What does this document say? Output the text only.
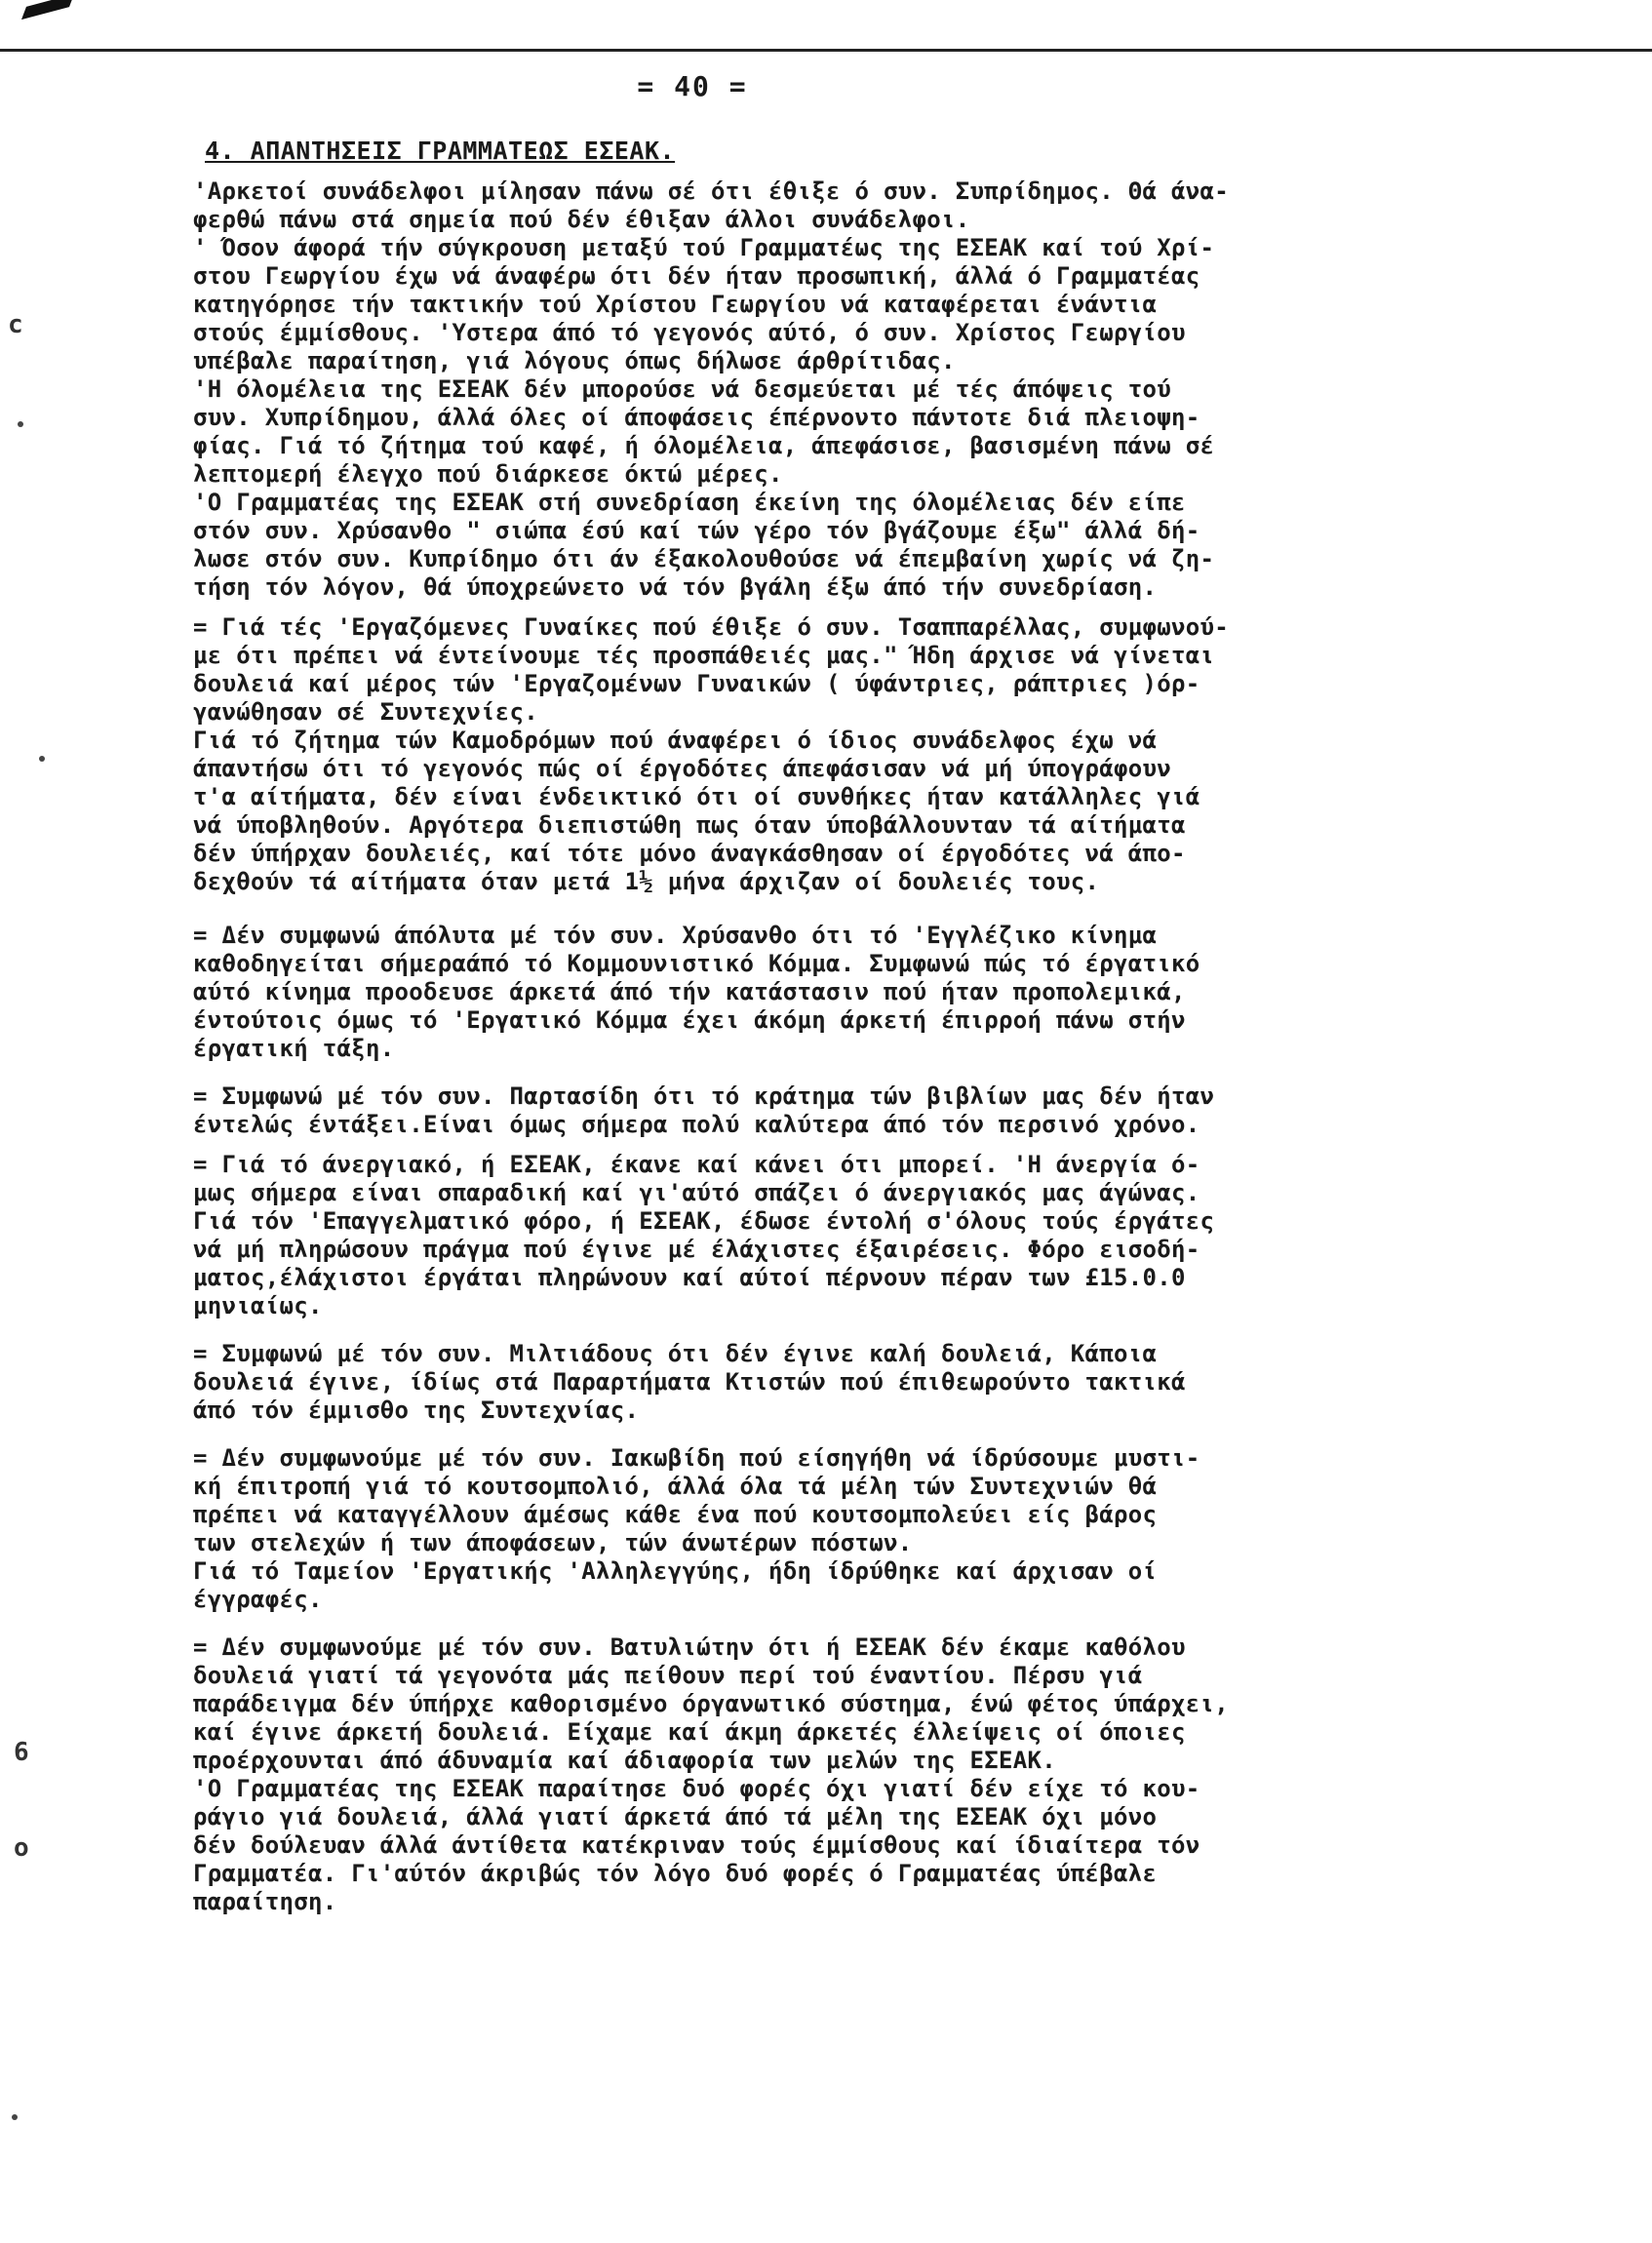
= 40 =
4. ΑΠΑΝΤΗΣΕΙΣ ΓΡΑΜΜΑΤΕΩΣ ΕΣΕΑΚ.
c
6
o
'Αρκετοί συνάδελφοι μίλησαν πάνω σέ ότι έθιξε ό συν. Συπρίδημος. Θά άνα-
φερθώ πάνω στά σημεία πού δέν έθιξαν άλλοι συνάδελφοι.
' Όσον άφορά τήν σύγκρουση μεταξύ τού Γραμματέως της ΕΣΕΑΚ καί τού Χρί-
στου Γεωργίου έχω νά άναφέρω ότι δέν ήταν προσωπική, άλλά ό Γραμματέας
κατηγόρησε τήν τακτικήν τού Χρίστου Γεωργίου νά καταφέρεται ένάντια
στούς έμμίσθους. 'Υστερα άπό τό γεγονός αύτό, ό συν. Χρίστος Γεωργίου
υπέβαλε παραίτηση, γιά λόγους όπως δήλωσε άρθρίτιδας.
'Η όλομέλεια της ΕΣΕΑΚ δέν μπορούσε νά δεσμεύεται μέ τές άπόψεις τού
συν. Χυπρίδημου, άλλά όλες οί άποφάσεις έπέρνοντο πάντοτε διά πλειοψη-
φίας. Γιά τό ζήτημα τού καφέ, ή όλομέλεια, άπεφάσισε, βασισμένη πάνω σέ
λεπτομερή έλεγχο πού διάρκεσε όκτώ μέρες.
'Ο Γραμματέας της ΕΣΕΑΚ στή συνεδρίαση έκείνη της όλομέλειας δέν είπε
στόν συν. Χρύσανθο " σιώπα έσύ καί τών γέρο τόν βγάζουμε έξω" άλλά δή-
λωσε στόν συν. Κυπρίδημο ότι άν έξακολουθούσε νά έπεμβαίνη χωρίς νά ζη-
τήση τόν λόγον, θά ύποχρεώνετο νά τόν βγάλη έξω άπό τήν συνεδρίαση.
= Γιά τές 'Εργαζόμενες Γυναίκες πού έθιξε ό συν. Τσαππαρέλλας, συμφωνού-
με ότι πρέπει νά έντείνουμε τές προσπάθειές μας." Ήδη άρχισε νά γίνεται
δουλειά καί μέρος τών 'Εργαζομένων Γυναικών ( ύφάντριες, ράπτριες )όρ-
γανώθησαν σέ Συντεχνίες.
Γιά τό ζήτημα τών Καμοδρόμων πού άναφέρει ό ίδιος συνάδελφος έχω νά
άπαντήσω ότι τό γεγονός πώς οί έργοδότες άπεφάσισαν νά μή ύπογράφουν
τ'α αίτήματα, δέν είναι ένδεικτικό ότι οί συνθήκες ήταν κατάλληλες γιά
νά ύποβληθούν. Αργότερα διεπιστώθη πως όταν ύποβάλλουνταν τά αίτήματα
δέν ύπήρχαν δουλειές, καί τότε μόνο άναγκάσθησαν οί έργοδότες νά άπο-
δεχθούν τά αίτήματα όταν μετά 1½ μήνα άρχιζαν οί δουλειές τους.
= Δέν συμφωνώ άπόλυτα μέ τόν συν. Χρύσανθο ότι τό 'Εγγλέζικο κίνημα
καθοδηγείται σήμεραάπό τό Κομμουνιστικό Κόμμα. Συμφωνώ πώς τό έργατικό
αύτό κίνημα προοδευσε άρκετά άπό τήν κατάστασιν πού ήταν προπολεμικά,
έντούτοις όμως τό 'Εργατικό Κόμμα έχει άκόμη άρκετή έπιρροή πάνω στήν
έργατική τάξη.
= Συμφωνώ μέ τόν συν. Παρτασίδη ότι τό κράτημα τών βιβλίων μας δέν ήταν
έντελώς έντάξει.Είναι όμως σήμερα πολύ καλύτερα άπό τόν περσινό χρόνο.
= Γιά τό άνεργιακό, ή ΕΣΕΑΚ, έκανε καί κάνει ότι μπορεί. 'Η άνεργία ό-
μως σήμερα είναι σπαραδική καί γι'αύτό σπάζει ό άνεργιακός μας άγώνας.
Γιά τόν 'Επαγγελματικό φόρο, ή ΕΣΕΑΚ, έδωσε έντολή σ'όλους τούς έργάτες
νά μή πληρώσουν πράγμα πού έγινε μέ έλάχιστες έξαιρέσεις. Φόρο εισοδή-
ματος,έλάχιστοι έργάται πληρώνουν καί αύτοί πέρνουν πέραν των £15.0.0
μηνιαίως.
= Συμφωνώ μέ τόν συν. Μιλτιάδους ότι δέν έγινε καλή δουλειά, Κάποια
δουλειά έγινε, ίδίως στά Παραρτήματα Κτιστών πού έπιθεωρούντο τακτικά
άπό τόν έμμισθο της Συντεχνίας.
= Δέν συμφωνούμε μέ τόν συν. Ιακωβίδη πού είσηγήθη νά ίδρύσουμε μυστι-
κή έπιτροπή γιά τό κουτσομπολιό, άλλά όλα τά μέλη τών Συντεχνιών θά
πρέπει νά καταγγέλλουν άμέσως κάθε ένα πού κουτσομπολεύει είς βάρος
των στελεχών ή των άποφάσεων, τών άνωτέρων πόστων.
Γιά τό Ταμείον 'Εργατικής 'Αλληλεγγύης, ήδη ίδρύθηκε καί άρχισαν οί
έγγραφές.
= Δέν συμφωνούμε μέ τόν συν. Βατυλιώτην ότι ή ΕΣΕΑΚ δέν έκαμε καθόλου
δουλειά γιατί τά γεγονότα μάς πείθουν περί τού έναντίου. Πέρσυ γιά
παράδειγμα δέν ύπήρχε καθορισμένο όργανωτικό σύστημα, ένώ φέτος ύπάρχει,
καί έγινε άρκετή δουλειά. Είχαμε καί άκμη άρκετές έλλείψεις οί όποιες
προέρχουνται άπό άδυναμία καί άδιαφορία των μελών της ΕΣΕΑΚ.
'Ο Γραμματέας της ΕΣΕΑΚ παραίτησε δυό φορές όχι γιατί δέν είχε τό κου-
ράγιο γιά δουλειά, άλλά γιατί άρκετά άπό τά μέλη της ΕΣΕΑΚ όχι μόνο
δέν δούλευαν άλλά άντίθετα κατέκριναν τούς έμμίσθους καί ίδιαίτερα τόν
Γραμματέα. Γι'αύτόν άκριβώς τόν λόγο δυό φορές ό Γραμματέας ύπέβαλε
παραίτηση.
